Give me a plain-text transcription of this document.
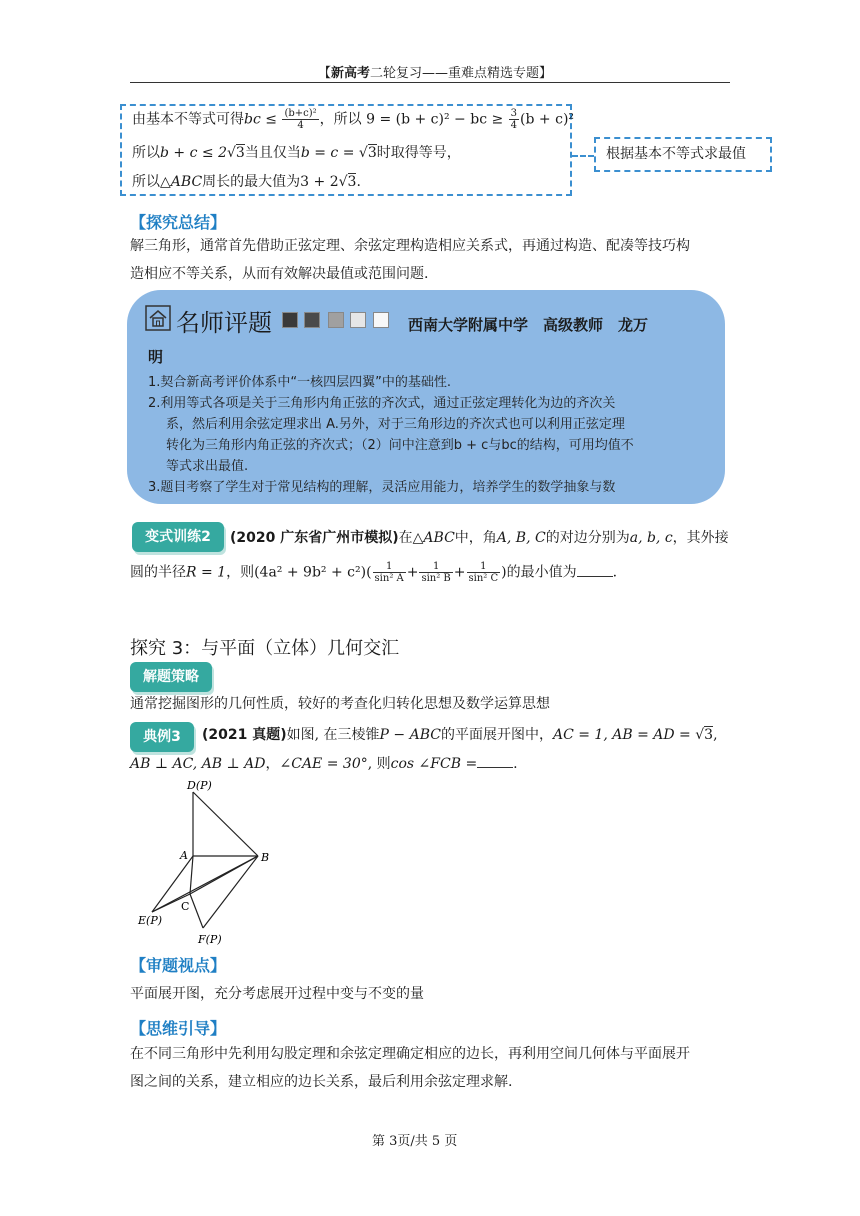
【新高考二轮复习——重难点精选专题】
由基本不等式可得bc ≤ $\frac{\text{(b+c)²}}{4}$ ，所以 9 = (b + c)² − bc ≥ $\frac{3}{4} (b + c)^2$
所以b + c ≤ 2√3当且仅当b = c = √3时取得等号，
所以△ABC周长的最大值为3 + 2√3.
根据基本不等式求最值
【探究总结】
解三角形，通常首先借助正弦定理、余弦定理构造相应关系式，再通过构造、配凑等技巧构
造相应不等关系，从而有效解决最值或范围问题.
名师评题	西南大学附属中学　高级教师　龙万
明
1.契合新高考评价体系中“一核四层四翼”中的基础性.
2.利用等式各项是关于三角形内角正弦的齐次式，通过正弦定理转化为边的齐次关
系，然后利用余弦定理求出 A.另外，对于三角形边的齐次式也可以利用正弦定理
转化为三角形内角正弦的齐次式；（2）问中注意到b + c与bc的结构，可用均值不
等式求出最值.
3.题目考察了学生对于常见结构的理解，灵活应用能力，培养学生的数学抽象与数
变式训练2	(2020 广东省广州市模拟)在△ABC中，角A, B, C的对边分别为a, b, c，其外接
圆的半径R = 1，则$(4a^2 + 9b^2 + c^2)( \frac{1}{\text{sin² A}} + \frac{1}{\text{sin² B}} + \frac{1}{\text{sin² C}}$ )的最小值为	.
探究 3：与平面（立体）几何交汇
解题策略
通常挖掘图形的几何性质，较好的考查化归转化思想及数学运算思想
典例3	(2021 真题)如图, 在三棱锥P − ABC的平面展开图中，AC = 1, AB = AD = √3,
AB ⊥ AC, AB ⊥ AD，∠CAE = 30°, 则cos ∠FCB =	.
D(P)
A	B
C
E(P)
F(P)
【审题视点】
平面展开图，充分考虑展开过程中变与不变的量
【思维引导】
在不同三角形中先利用勾股定理和余弦定理确定相应的边长，再利用空间几何体与平面展开
图之间的关系，建立相应的边长关系，最后利用余弦定理求解.
第 3页/共 5 页
